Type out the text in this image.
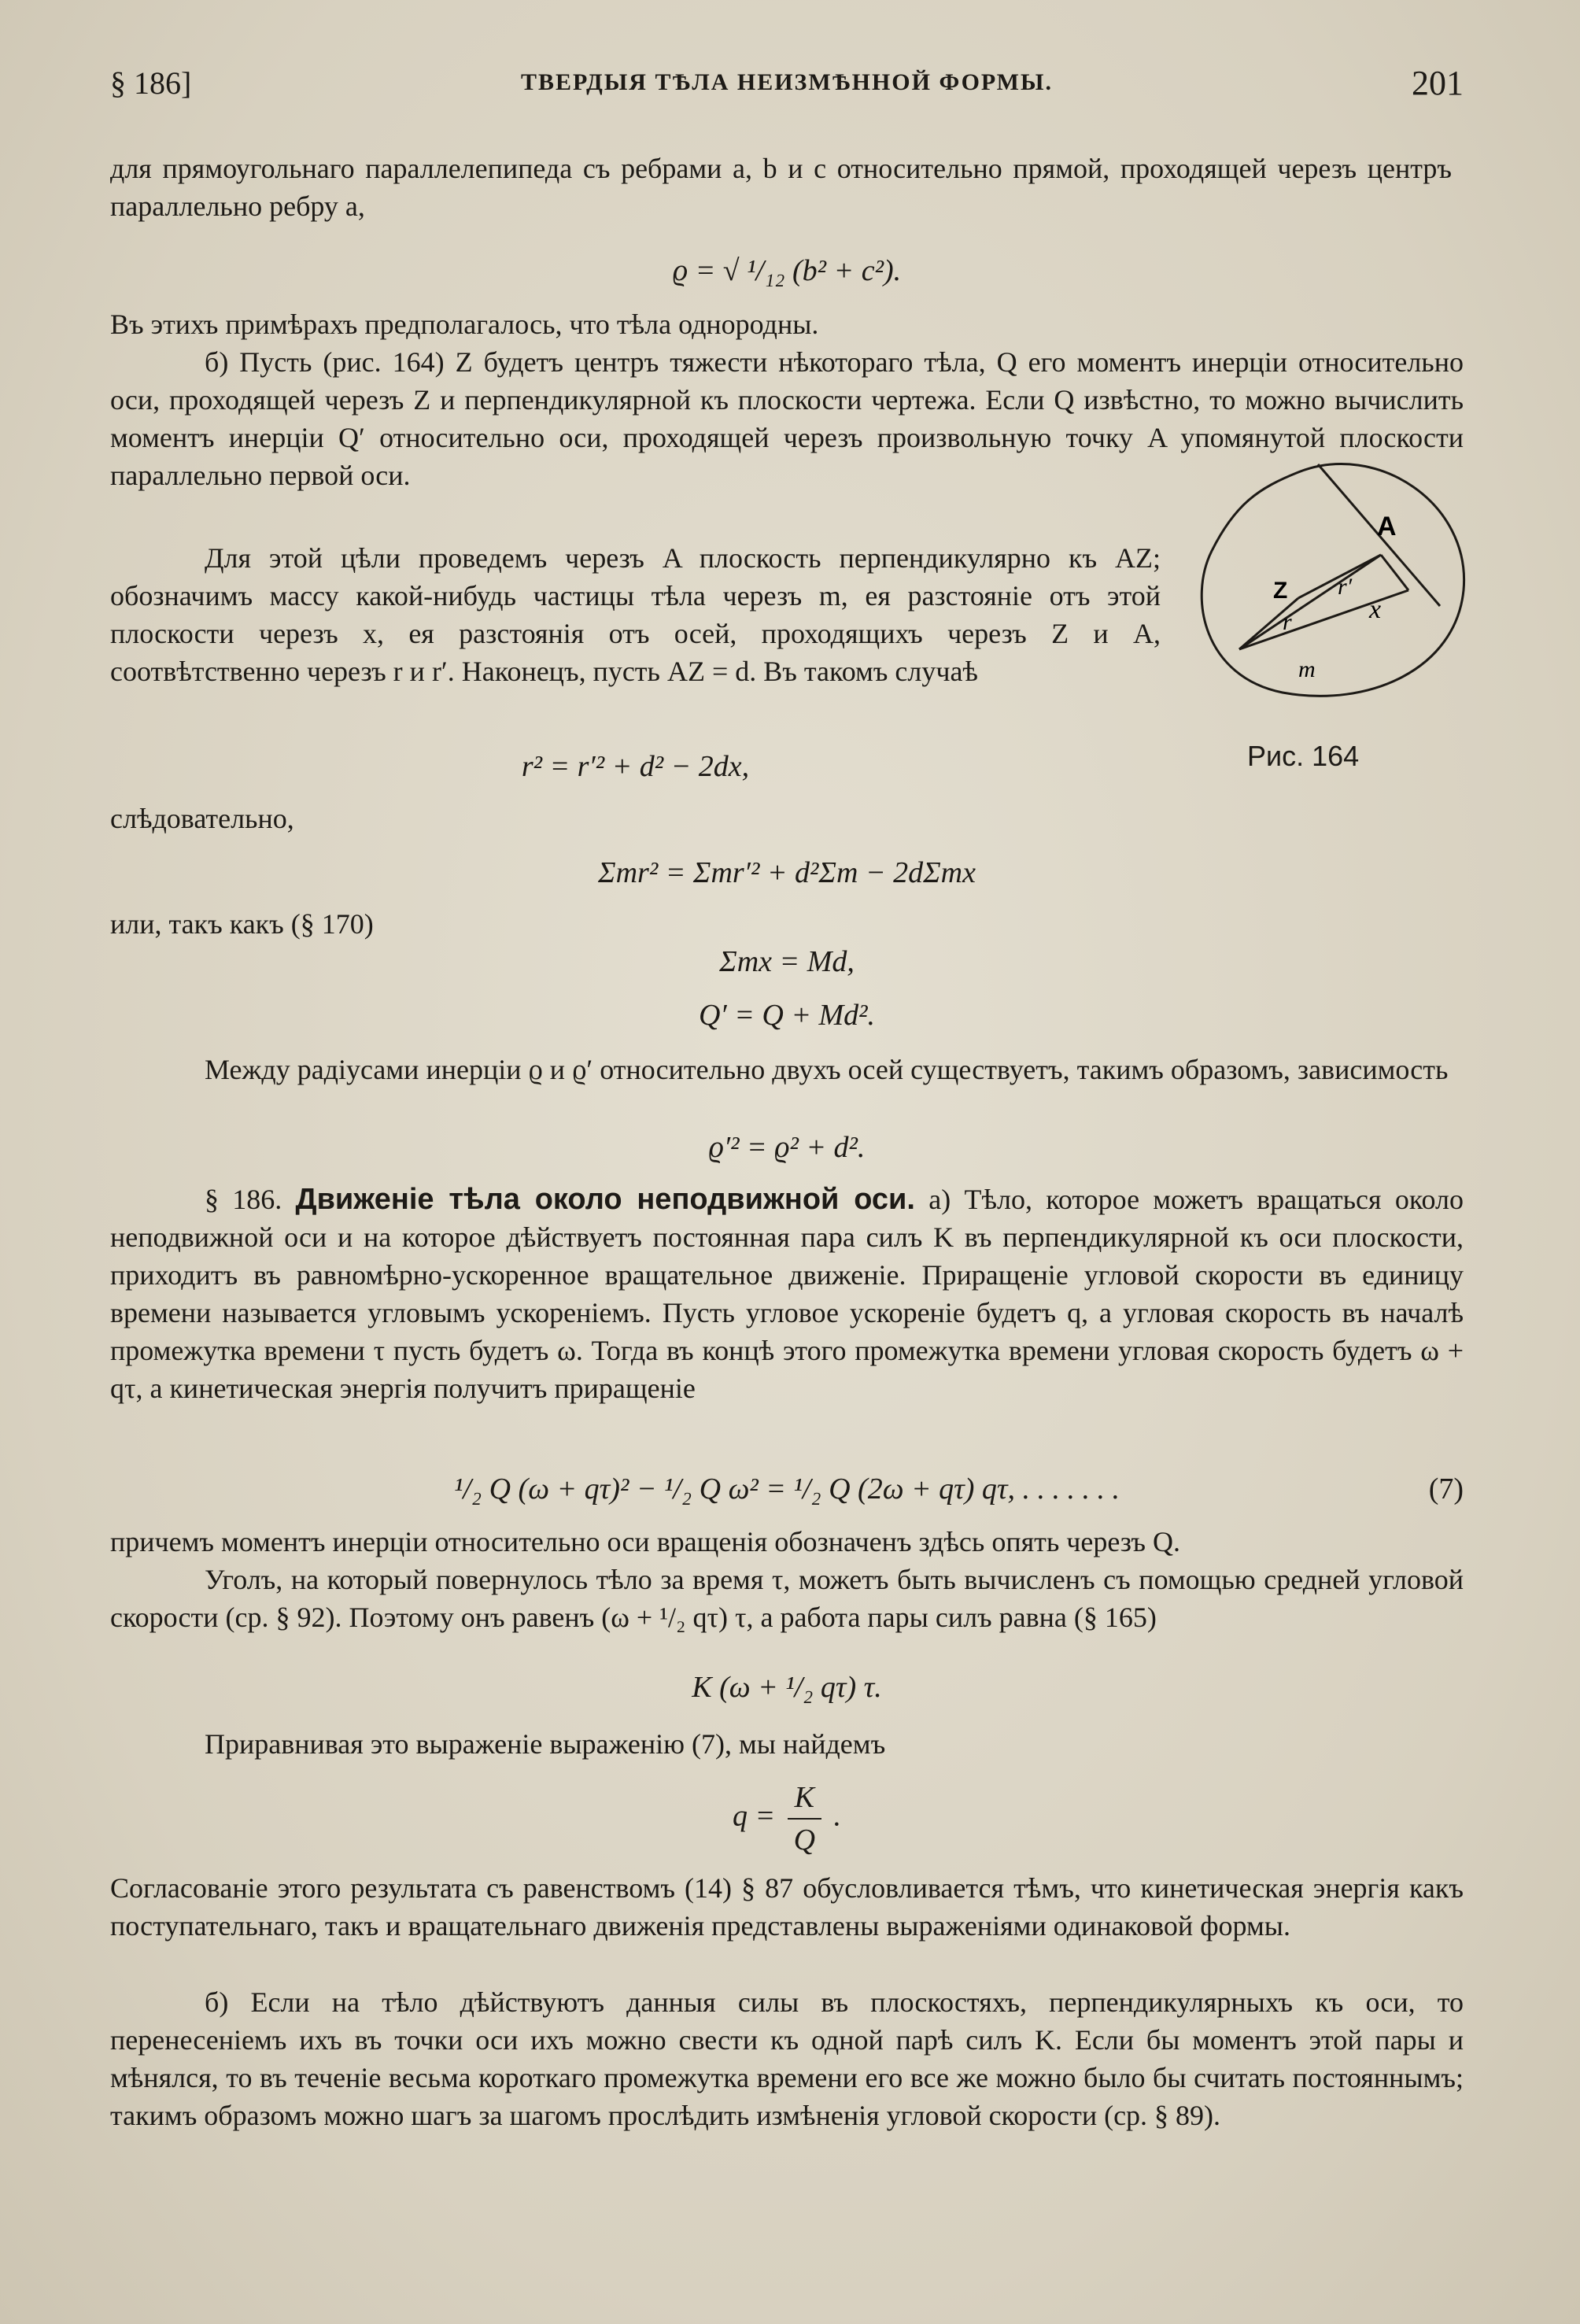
§ 186]	ТВЕРДЫЯ ТѢЛА НЕИЗМѢННОЙ ФОРМЫ.	201

для прямоугольнаго параллелепипеда съ ребрами a, b и c относительно прямой, проходящей черезъ центръ параллельно ребру a,

ϱ = √ ¹/₁₂ (b² + c²).

Въ этихъ примѣрахъ предполагалось, что тѣла однородны.

б) Пусть (рис. 164) Z будетъ центръ тяжести нѣкотораго тѣла, Q его моментъ инерціи относительно оси, проходящей черезъ Z и перпендикулярной къ плоскости чертежа. Если Q извѣстно, то можно вычислить моментъ инерціи Q′ относительно оси, проходящей черезъ произвольную точку A упомянутой плоскости параллельно первой оси.

Для этой цѣли проведемъ черезъ A плоскость перпендикулярно къ AZ; обозначимъ массу какой-нибудь частицы тѣла черезъ m, ея разстояніе отъ этой плоскости черезъ x, ея разстоянія отъ осей, проходящихъ черезъ Z и A, соотвѣтственно черезъ r и r′. Наконецъ, пусть AZ = d. Въ такомъ случаѣ

A
Z
r
r′
x
m
Рис. 164
r² = r′² + d² − 2dx,

слѣдовательно,

Σmr² = Σmr′² + d²Σm − 2dΣmx

или, такъ какъ (§ 170)

Σmx = Md,
Q′ = Q + Md².

Между радіусами инерціи ϱ и ϱ′ относительно двухъ осей существуетъ, такимъ образомъ, зависимость

ϱ′² = ϱ² + d².

§ 186. Движеніе тѣла около неподвижной оси. а) Тѣло, которое можетъ вращаться около неподвижной оси и на которое дѣйствуетъ постоянная пара силъ K въ перпендикулярной къ оси плоскости, приходитъ въ равномѣрно-ускоренное вращательное движеніе. Приращеніе угловой скорости въ единицу времени называется угловымъ ускореніемъ. Пусть угловое ускореніе будетъ q, а угловая скорость въ началѣ промежутка времени τ пусть будетъ ω. Тогда въ концѣ этого промежутка времени угловая скорость будетъ ω + qτ, а кинетическая энергія получитъ приращеніе

¹/₂ Q (ω + qτ)² − ¹/₂ Q ω² = ¹/₂ Q (2ω + qτ) qτ, . . . . . . .	(7)

причемъ моментъ инерціи относительно оси вращенія обозначенъ здѣсь опять черезъ Q.

Уголъ, на который повернулось тѣло за время τ, можетъ быть вычисленъ съ помощью средней угловой скорости (ср. § 92). Поэтому онъ равенъ (ω + ¹/₂ qτ) τ, а работа пары силъ равна (§ 165)

K (ω + ¹/₂ qτ) τ.

Приравнивая это выраженіе выраженію (7), мы найдемъ

$q = \frac{K}{Q}$ .

Согласованіе этого результата съ равенствомъ (14) § 87 обусловливается тѣмъ, что кинетическая энергія какъ поступательнаго, такъ и вращательнаго движенія представлены выраженіями одинаковой формы.

б) Если на тѣло дѣйствуютъ данныя силы въ плоскостяхъ, перпендикулярныхъ къ оси, то перенесеніемъ ихъ въ точки оси ихъ можно свести къ одной парѣ силъ K. Если бы моментъ этой пары и мѣнялся, то въ теченіе весьма короткаго промежутка времени его все же можно было бы считать постояннымъ; такимъ образомъ можно шагъ за шагомъ прослѣдить измѣненія угловой скорости (ср. § 89).
